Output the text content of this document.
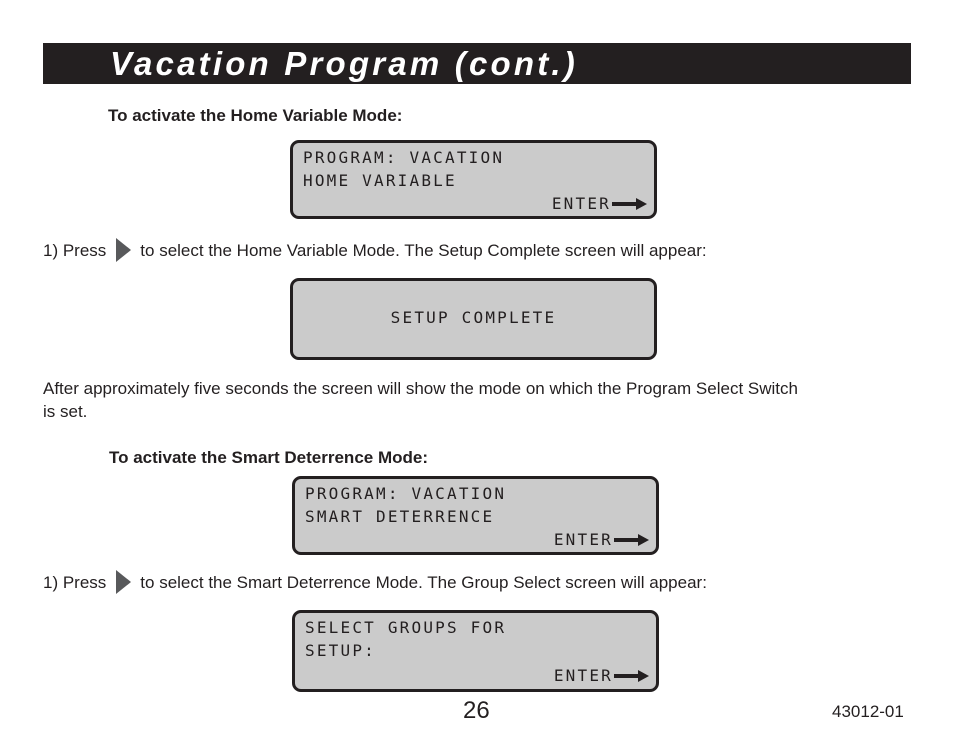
Vacation Program (cont.)
To activate the Home Variable Mode:
PROGRAM: VACATION
HOME VARIABLE
ENTER
1) Press to select the Home Variable Mode. The Setup Complete screen will appear:
SETUP COMPLETE
After approximately five seconds the screen will show the mode on which the Program Select Switch
is set.
To activate the Smart Deterrence Mode:
PROGRAM: VACATION
SMART DETERRENCE
ENTER
1) Press to select the Smart Deterrence Mode. The Group Select screen will appear:
SELECT GROUPS FOR
SETUP:
ENTER
26	43012-01
